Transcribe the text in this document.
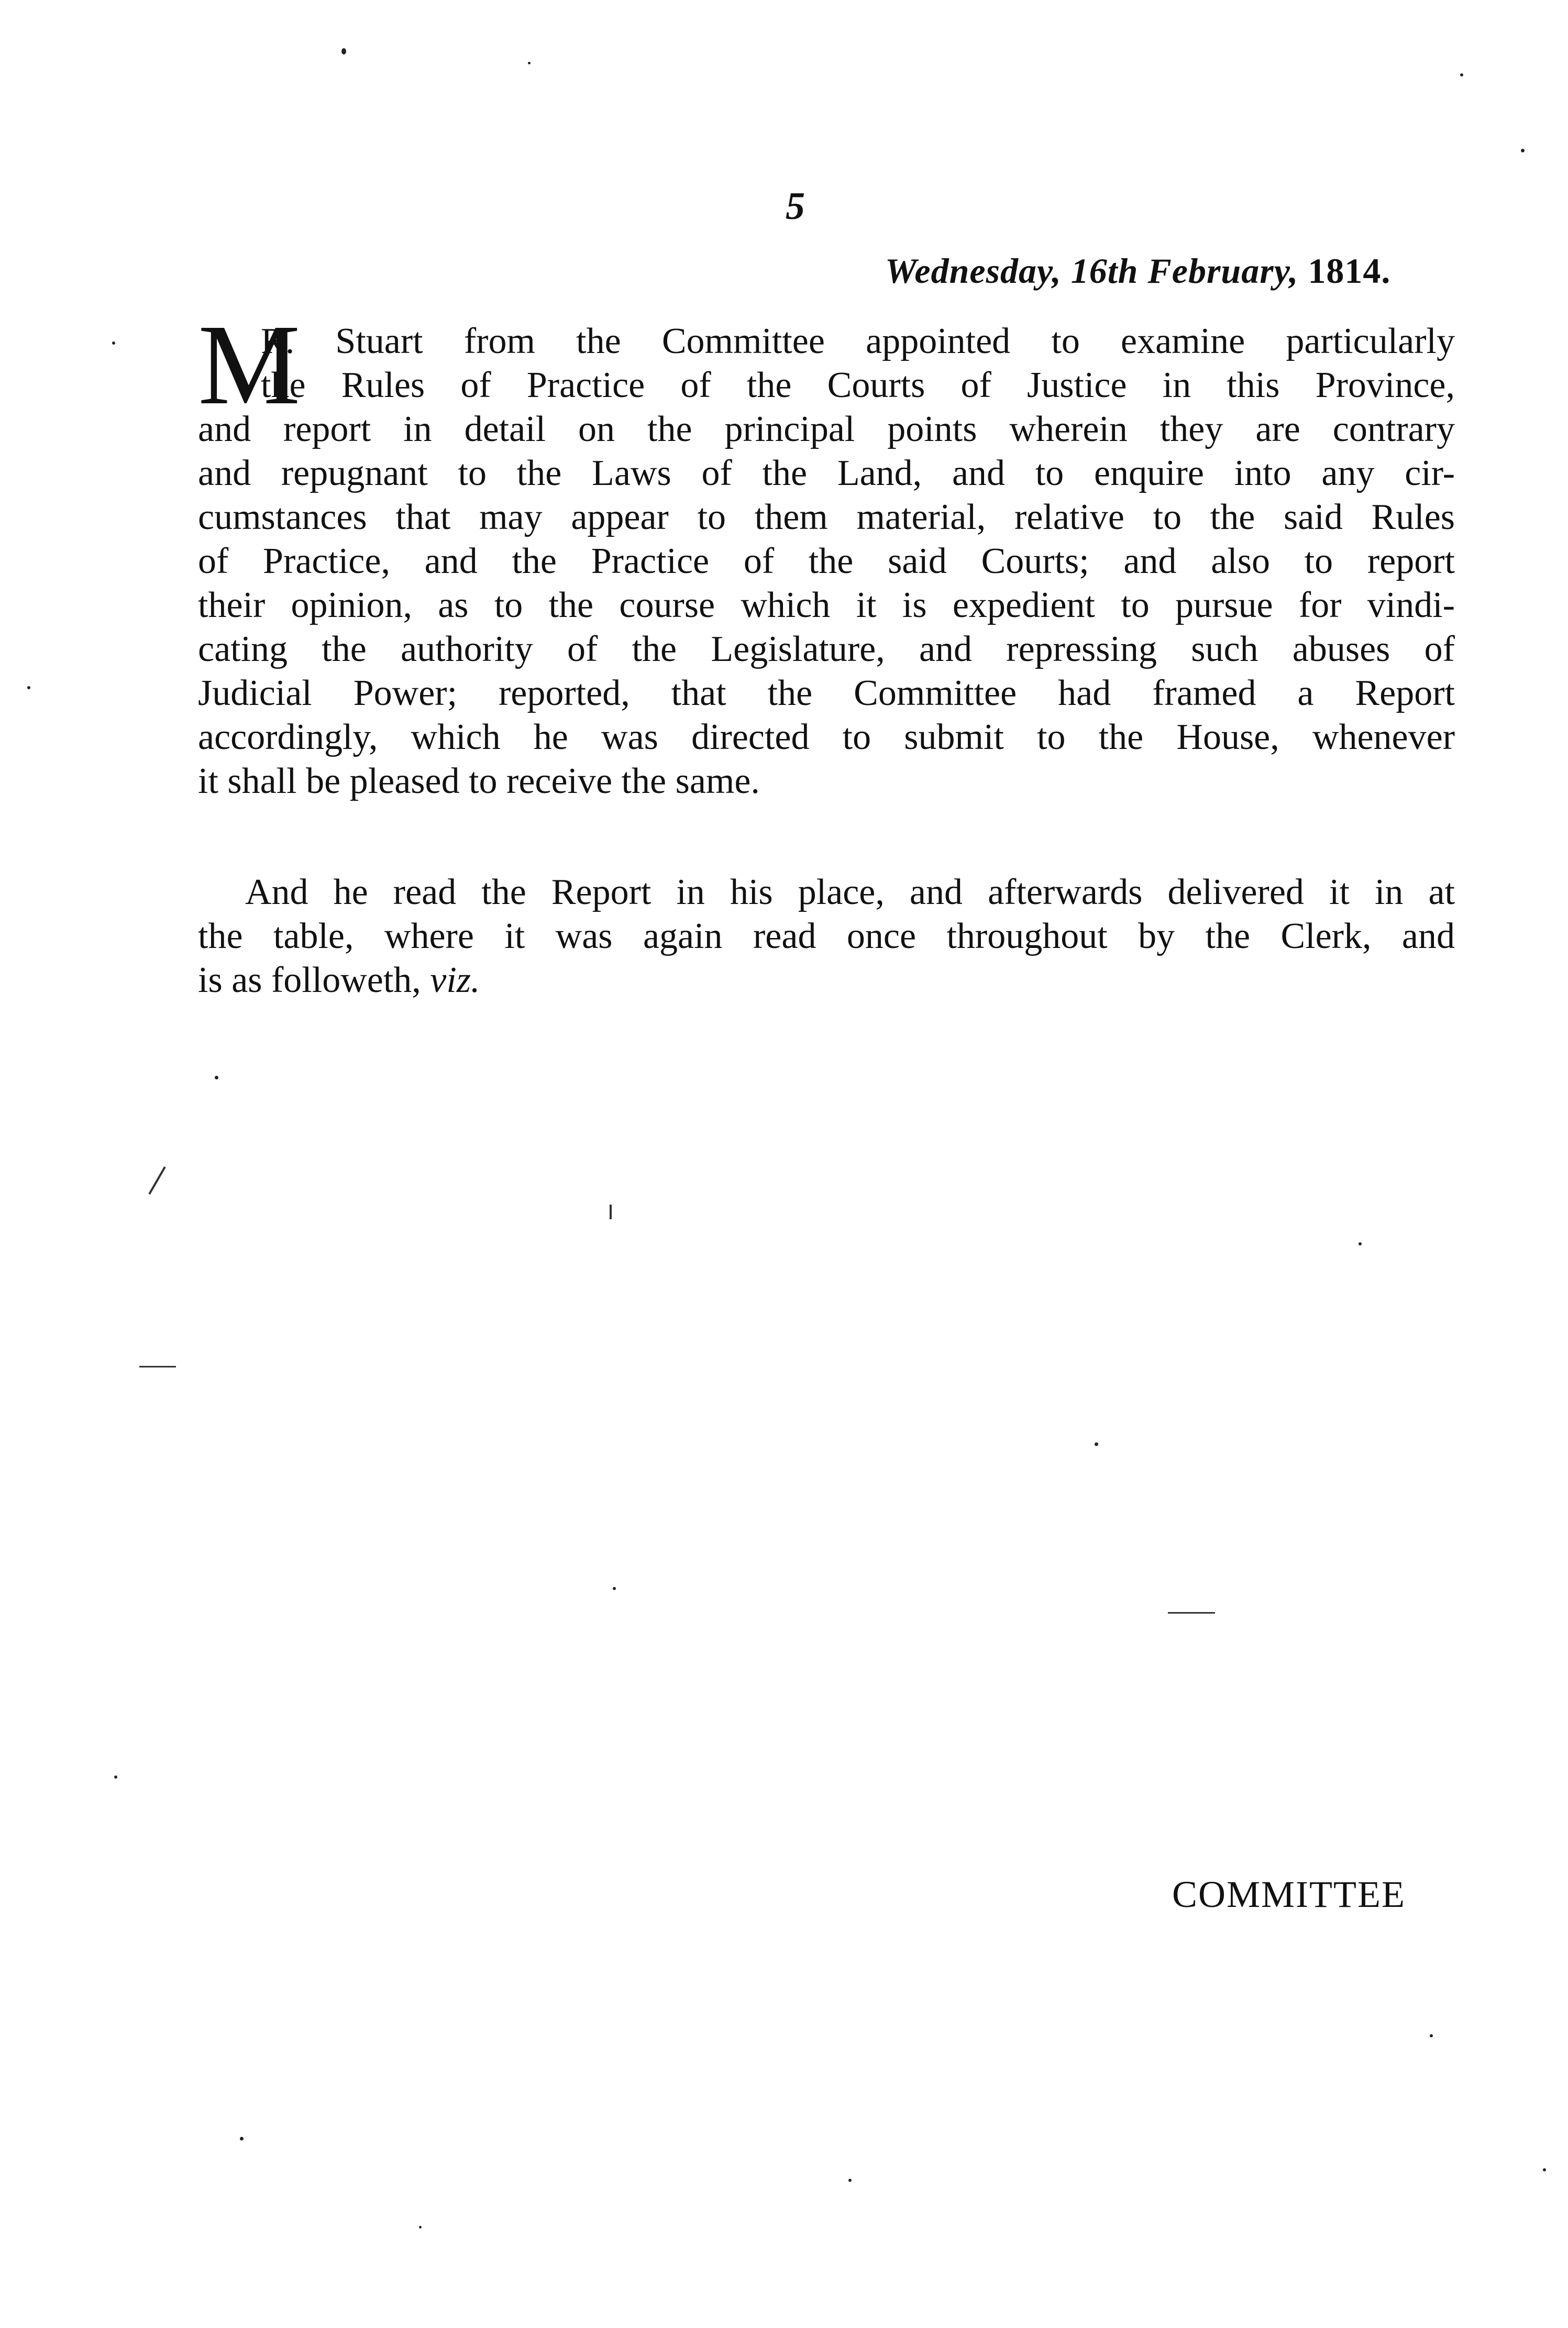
5
Wednesday, 16th February, 1814.
M
R. Stuart from the Committee appointed to examine particularly
the Rules of Practice of the Courts of Justice in this Province,
and report in detail on the principal points wherein they are contrary
and repugnant to the Laws of the Land, and to enquire into any cir-
cumstances that may appear to them material, relative to the said Rules
of Practice, and the Practice of the said Courts; and also to report
their opinion, as to the course which it is expedient to pursue for vindi-
cating the authority of the Legislature, and repressing such abuses of
Judicial Power; reported, that the Committee had framed a Report
accordingly, which he was directed to submit to the House, whenever
it shall be pleased to receive the same.
And he read the Report in his place, and afterwards delivered it in at
the table, where it was again read once throughout by the Clerk, and
is as followeth, viz.
COMMITTEE
